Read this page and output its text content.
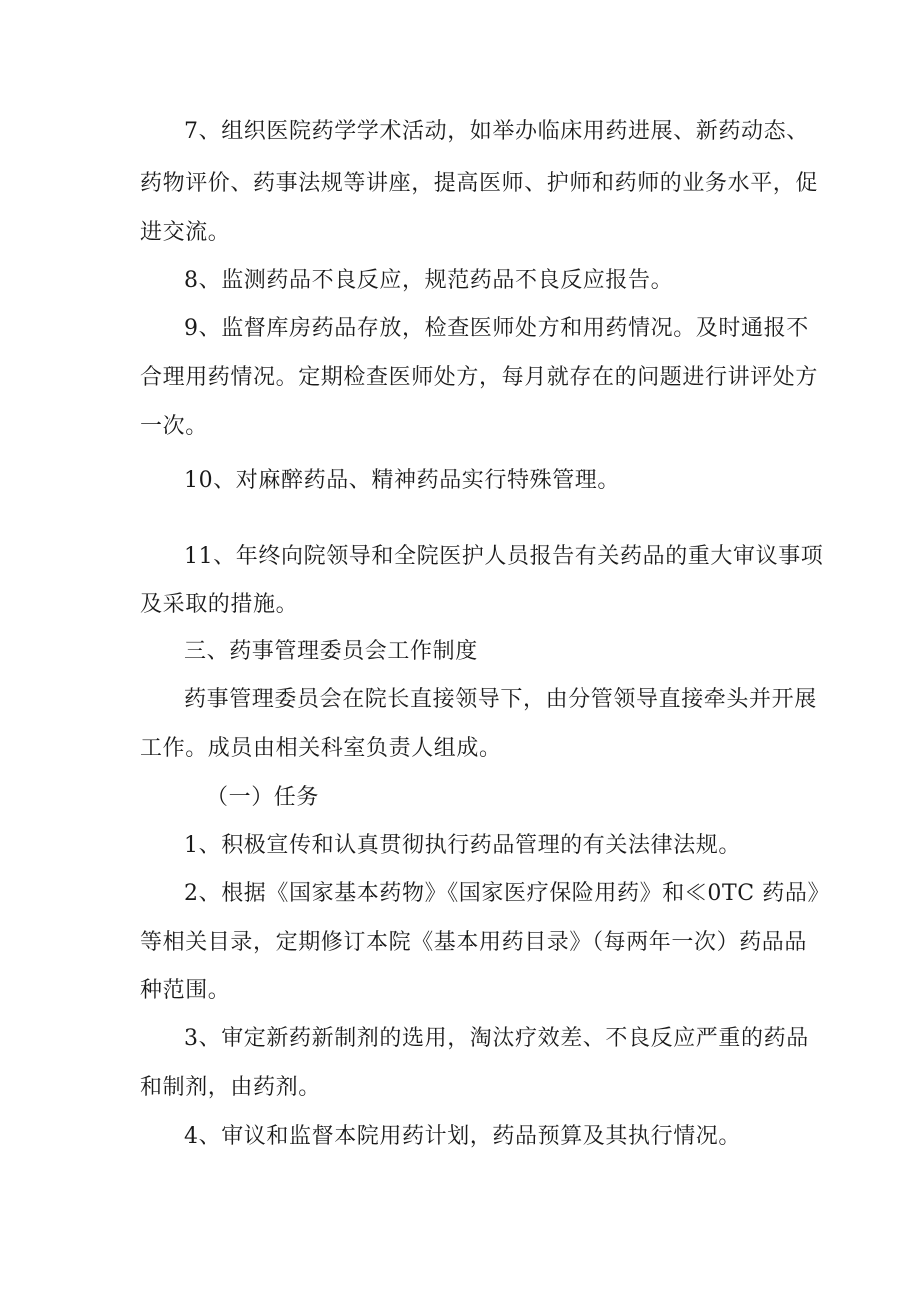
7、组织医院药学学术活动，如举办临床用药进展、新药动态、
药物评价、药事法规等讲座，提高医师、护师和药师的业务水平，促
进交流。
8、监测药品不良反应，规范药品不良反应报告。
9、监督库房药品存放，检查医师处方和用药情况。及时通报不
合理用药情况。定期检查医师处方，每月就存在的问题进行讲评处方
一次。
10、对麻醉药品、精神药品实行特殊管理。
11、年终向院领导和全院医护人员报告有关药品的重大审议事项
及采取的措施。
三、药事管理委员会工作制度
药事管理委员会在院长直接领导下，由分管领导直接牵头并开展
工作。成员由相关科室负责人组成。
（一）任务
1、积极宣传和认真贯彻执行药品管理的有关法律法规。
2、根据《国家基本药物》《国家医疗保险用药》和≪0TC 药品》
等相关目录，定期修订本院《基本用药目录》（每两年一次）药品品
种范围。
3、审定新药新制剂的选用，淘汰疗效差、不良反应严重的药品
和制剂，由药剂。
4、审议和监督本院用药计划，药品预算及其执行情况。
